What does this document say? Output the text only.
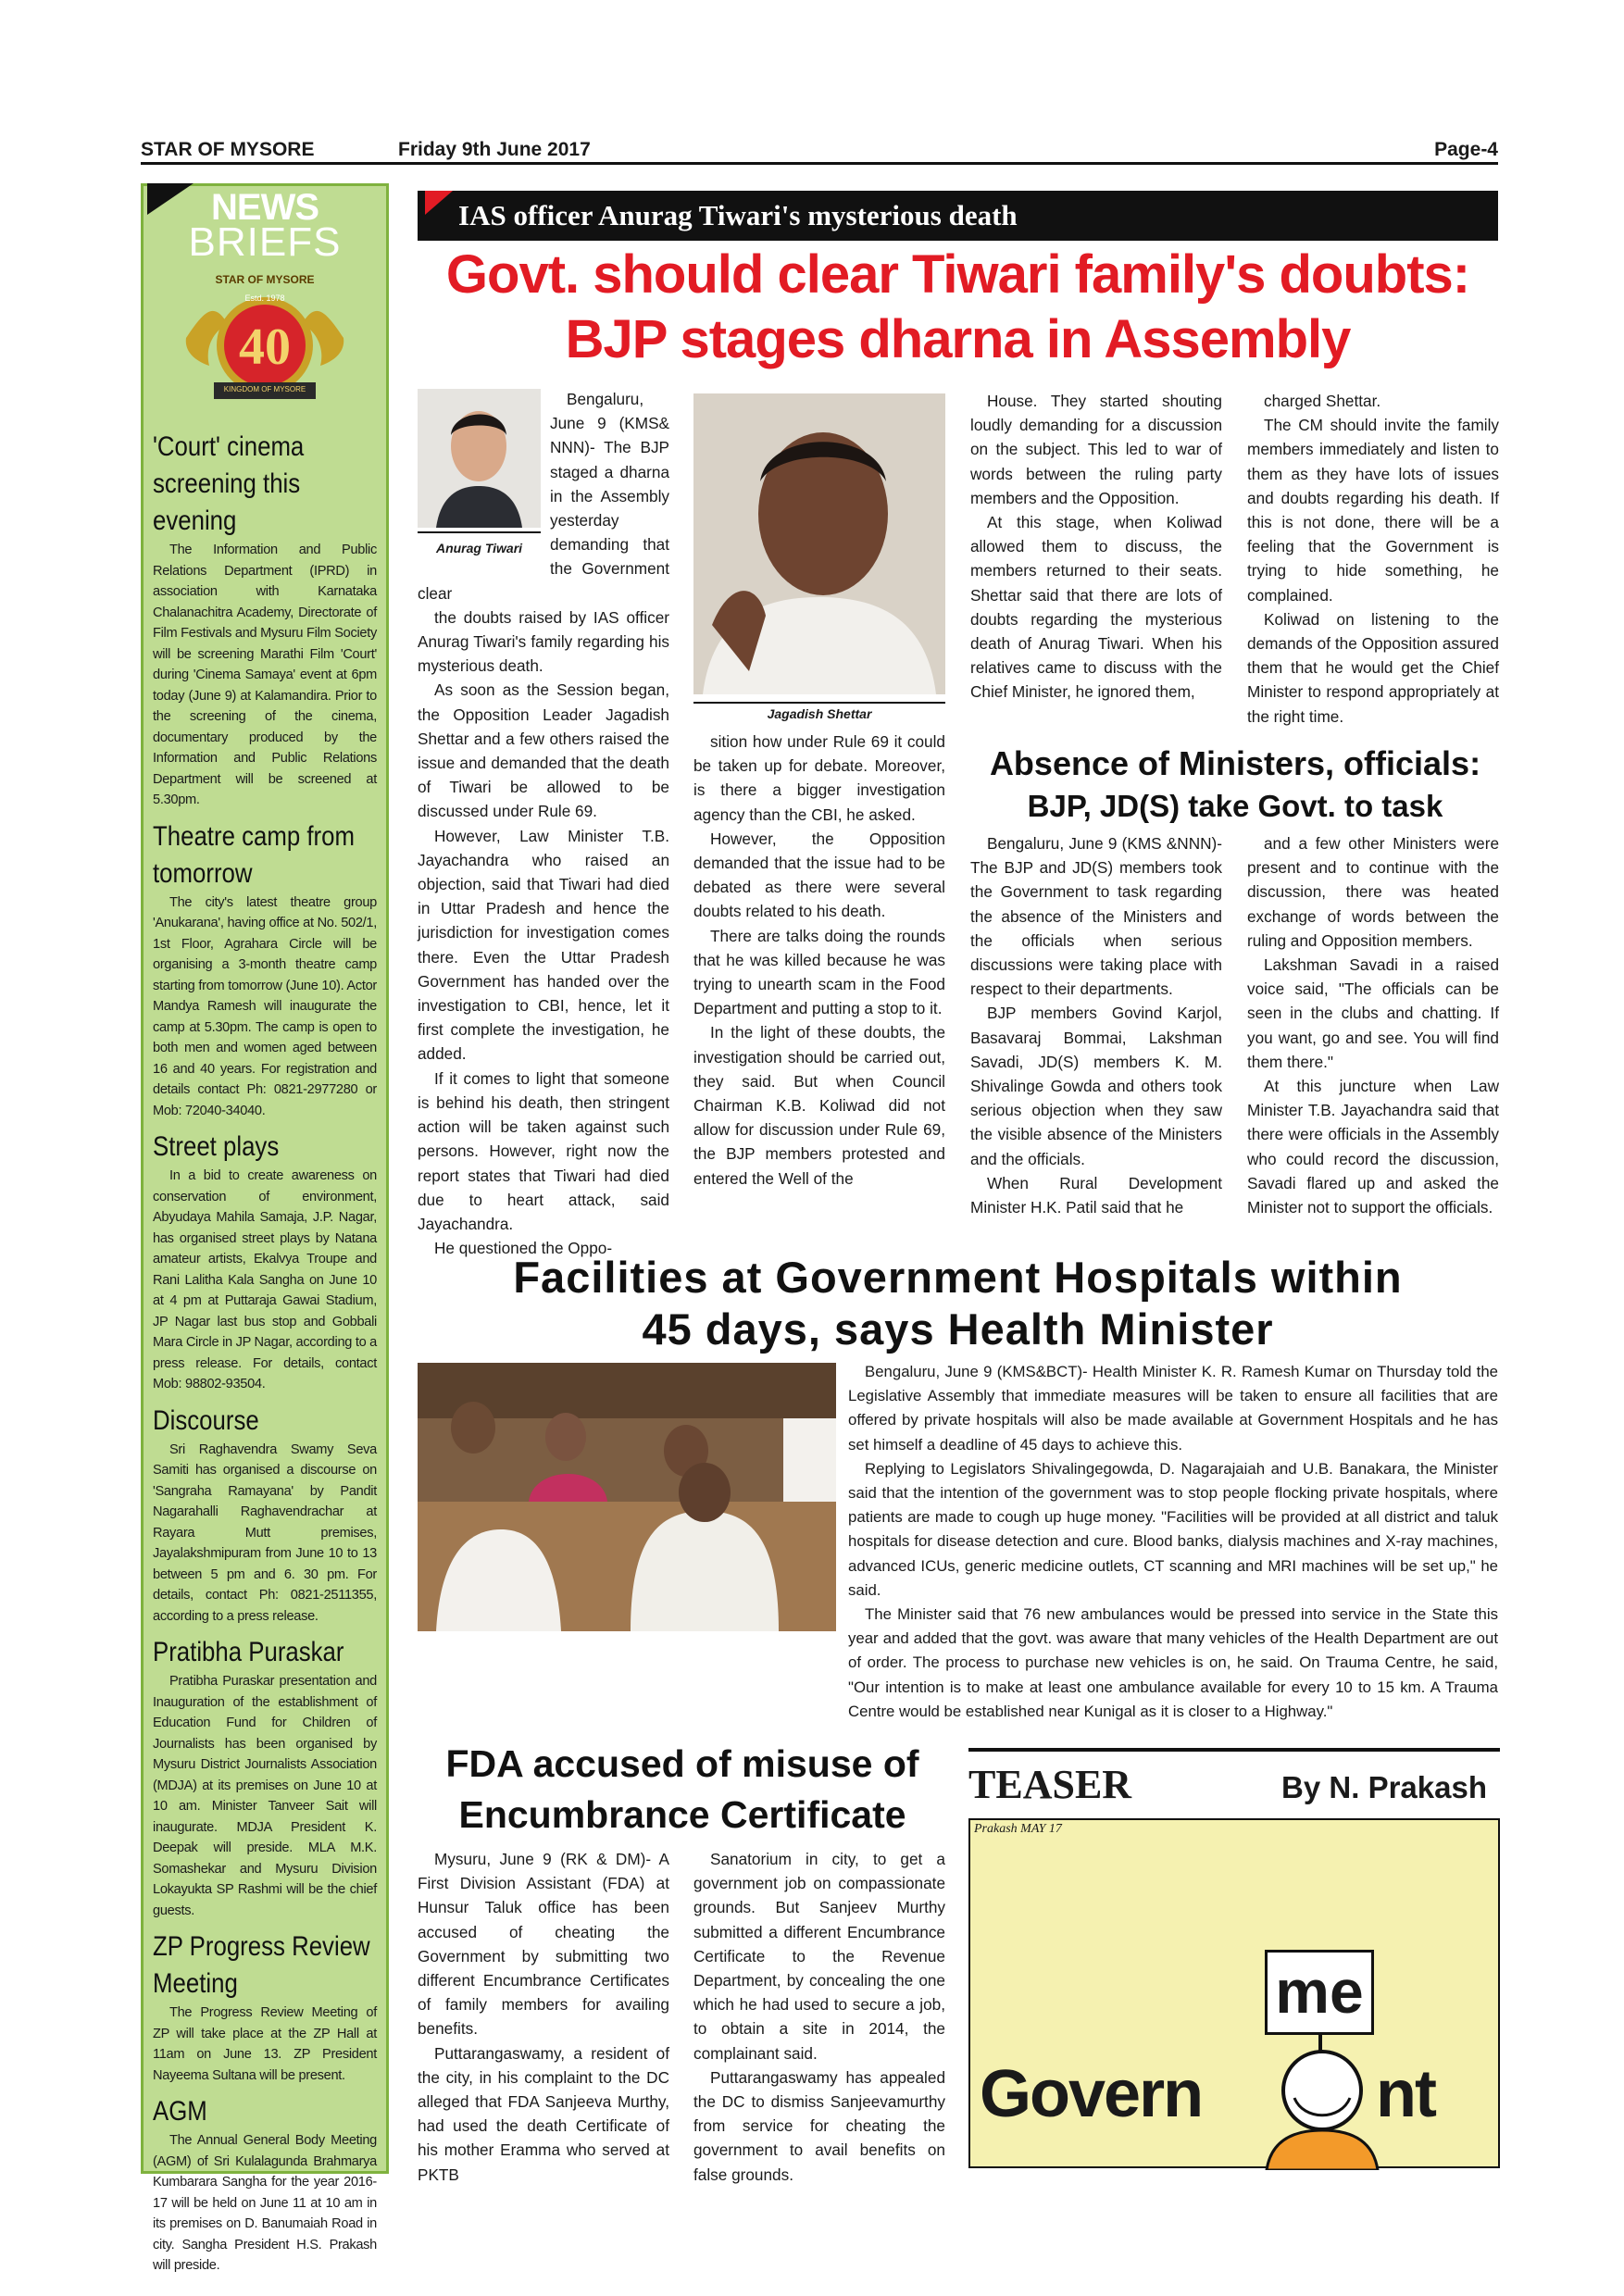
STAR OF MYSORE	Friday 9th June 2017	Page-4
NEWS
BRIEFS
STAR OF MYSORE
40
Estd. 1978
KINGDOM OF MYSORE
'Court' cinema screening this evening

The Information and Public Relations Department (IPRD) in association with Karnataka Chalanachitra Academy, Directorate of Film Festivals and Mysuru Film Society will be screening Marathi Film 'Court' during 'Cinema Samaya' event at 6pm today (June 9) at Kalamandira. Prior to the screening of the cinema, documentary produced by the Information and Public Relations Department will be screened at 5.30pm.

Theatre camp from tomorrow

The city's latest theatre group 'Anukarana', having office at No. 502/1, 1st Floor, Agrahara Circle will be organising a 3-month theatre camp starting from tomorrow (June 10). Actor Mandya Ramesh will inaugurate the camp at 5.30pm. The camp is open to both men and women aged between 16 and 40 years. For registration and details contact Ph: 0821-2977280 or Mob: 72040-34040.

Street plays

In a bid to create awareness on conservation of environment, Abyudaya Mahila Samaja, J.P. Nagar, has organised street plays by Natana amateur artists, Ekalvya Troupe and Rani Lalitha Kala Sangha on June 10 at 4 pm at Puttaraja Gawai Stadium, JP Nagar last bus stop and Gobbali Mara Circle in JP Nagar, according to a press release. For details, contact Mob: 98802-93504.

Discourse

Sri Raghavendra Swamy Seva Samiti has organised a discourse on 'Sangraha Ramayana' by Pandit Nagarahalli Raghavendrachar at Rayara Mutt premises, Jayalakshmipuram from June 10 to 13 between 5 pm and 6. 30 pm. For details, contact Ph: 0821-2511355, according to a press release.

Pratibha Puraskar

Pratibha Puraskar presentation and Inauguration of the establishment of Education Fund for Children of Journalists has been organised by Mysuru District Journalists Association (MDJA) at its premises on June 10 at 10 am. Minister Tanveer Sait will inaugurate. MDJA President K. Deepak will preside. MLA M.K. Somashekar and Mysuru Division Lokayukta SP Rashmi will be the chief guests.

ZP Progress Review Meeting

The Progress Review Meeting of ZP will take place at the ZP Hall at 11am on June 13. ZP President Nayeema Sultana will be present.

AGM

The Annual General Body Meeting (AGM) of Sri Kulalagunda Brahmarya Kumbarara Sangha for the year 2016-17 will be held on June 11 at 10 am in its premises on D. Banumaiah Road in city. Sangha President H.S. Prakash will preside.

IAS officer Anurag Tiwari's mysterious death
Govt. should clear Tiwari family's doubts:
BJP stages dharna in Assembly
Anurag Tiwari

Bengaluru, June 9 (KMS& NNN)- The BJP staged a dharna in the Assembly yesterday demanding that the Government clear

the doubts raised by IAS officer Anurag Tiwari's family regarding his mysterious death.

As soon as the Session began, the Opposition Leader Jagadish Shettar and a few others raised the issue and demanded that the death of Tiwari be allowed to be discussed under Rule 69.

However, Law Minister T.B. Jayachandra who raised an objection, said that Tiwari had died in Uttar Pradesh and hence the jurisdiction for investigation comes there. Even the Uttar Pradesh Government has handed over the investigation to CBI, hence, let it first complete the investigation, he added.

If it comes to light that someone is behind his death, then stringent action will be taken against such persons. However, right now the report states that Tiwari had died due to heart attack, said Jayachandra.

He questioned the Oppo-

Jagadish Shettar

sition how under Rule 69 it could be taken up for debate. Moreover, is there a bigger investigation agency than the CBI, he asked.

However, the Opposition demanded that the issue had to be debated as there were several doubts related to his death.

There are talks doing the rounds that he was killed because he was trying to unearth scam in the Food Department and putting a stop to it.

In the light of these doubts, the investigation should be carried out, they said. But when Council Chairman K.B. Koliwad did not allow for discussion under Rule 69, the BJP members protested and entered the Well of the

House. They started shouting loudly demanding for a discussion on the subject. This led to war of words between the ruling party members and the Opposition.

At this stage, when Koliwad allowed them to discuss, the members returned to their seats. Shettar said that there are lots of doubts regarding the mysterious death of Anurag Tiwari. When his relatives came to discuss with the Chief Minister, he ignored them,

charged Shettar.

The CM should invite the family members immediately and listen to them as they have lots of issues and doubts regarding his death. If this is not done, there will be a feeling that the Government is trying to hide something, he complained.

Koliwad on listening to the demands of the Opposition assured them that he would get the Chief Minister to respond appropriately at the right time.

Absence of Ministers, officials:
BJP, JD(S) take Govt. to task

Bengaluru, June 9 (KMS &NNN)- The BJP and JD(S) members took the Government to task regarding the absence of the Ministers and the officials when serious discussions were taking place with respect to their departments.

BJP members Govind Karjol, Basavaraj Bommai, Lakshman Savadi, JD(S) members K. M. Shivalinge Gowda and others took serious objection when they saw the visible absence of the Ministers and the officials.

When Rural Development Minister H.K. Patil said that he

and a few other Ministers were present and to continue with the discussion, there was heated exchange of words between the ruling and Opposition members.

Lakshman Savadi in a raised voice said, "The officials can be seen in the clubs and chatting. If you want, go and see. You will find them there."

At this juncture when Law Minister T.B. Jayachandra said that there were officials in the Assembly who could record the discussion, Savadi flared up and asked the Minister not to support the officials.

Facilities at Government Hospitals within
45 days, says Health Minister

Bengaluru, June 9 (KMS&BCT)- Health Minister K. R. Ramesh Kumar on Thursday told the Legislative Assembly that immediate measures will be taken to ensure all facilities that are offered by private hospitals will also be made available at Government Hospitals and he has set himself a deadline of 45 days to achieve this.

Replying to Legislators Shivalingegowda, D. Nagarajaiah and U.B. Banakara, the Minister said that the intention of the government was to stop people flocking private hospitals, where patients are made to cough up huge money. "Facilities will be provided at all district and taluk hospitals for disease detection and cure. Blood banks, dialysis machines and X-ray machines, advanced ICUs, generic medicine outlets, CT scanning and MRI machines will be set up," he said.

The Minister said that 76 new ambulances would be pressed into service in the State this year and added that the govt. was aware that many vehicles of the Health Department are out of order. The process to purchase new vehicles is on, he said. On Trauma Centre, he said, "Our intention is to make at least one ambulance available for every 10 to 15 km. A Trauma Centre would be established near Kunigal as it is closer to a Highway."

FDA accused of misuse of
Encumbrance Certificate

Mysuru, June 9 (RK & DM)- A First Division Assistant (FDA) at Hunsur Taluk office has been accused of cheating the Government by submitting two different Encumbrance Certificates of family members for availing benefits.

Puttarangaswamy, a resident of the city, in his complaint to the DC alleged that FDA Sanjeeva Murthy, had used the death Certificate of his mother Eramma who served at PKTB

Sanatorium in city, to get a government job on compassionate grounds. But Sanjeev Murthy submitted a different Encumbrance Certificate to the Revenue Department, by concealing the one which he had used to secure a job, to obtain a site in 2014, the complainant said.

Puttarangaswamy has appealed the DC to dismiss Sanjeevamurthy from service for cheating the government to avail benefits on false grounds.

TEASER	By N. Prakash
Prakash MAY 17
me
Govern	nt
